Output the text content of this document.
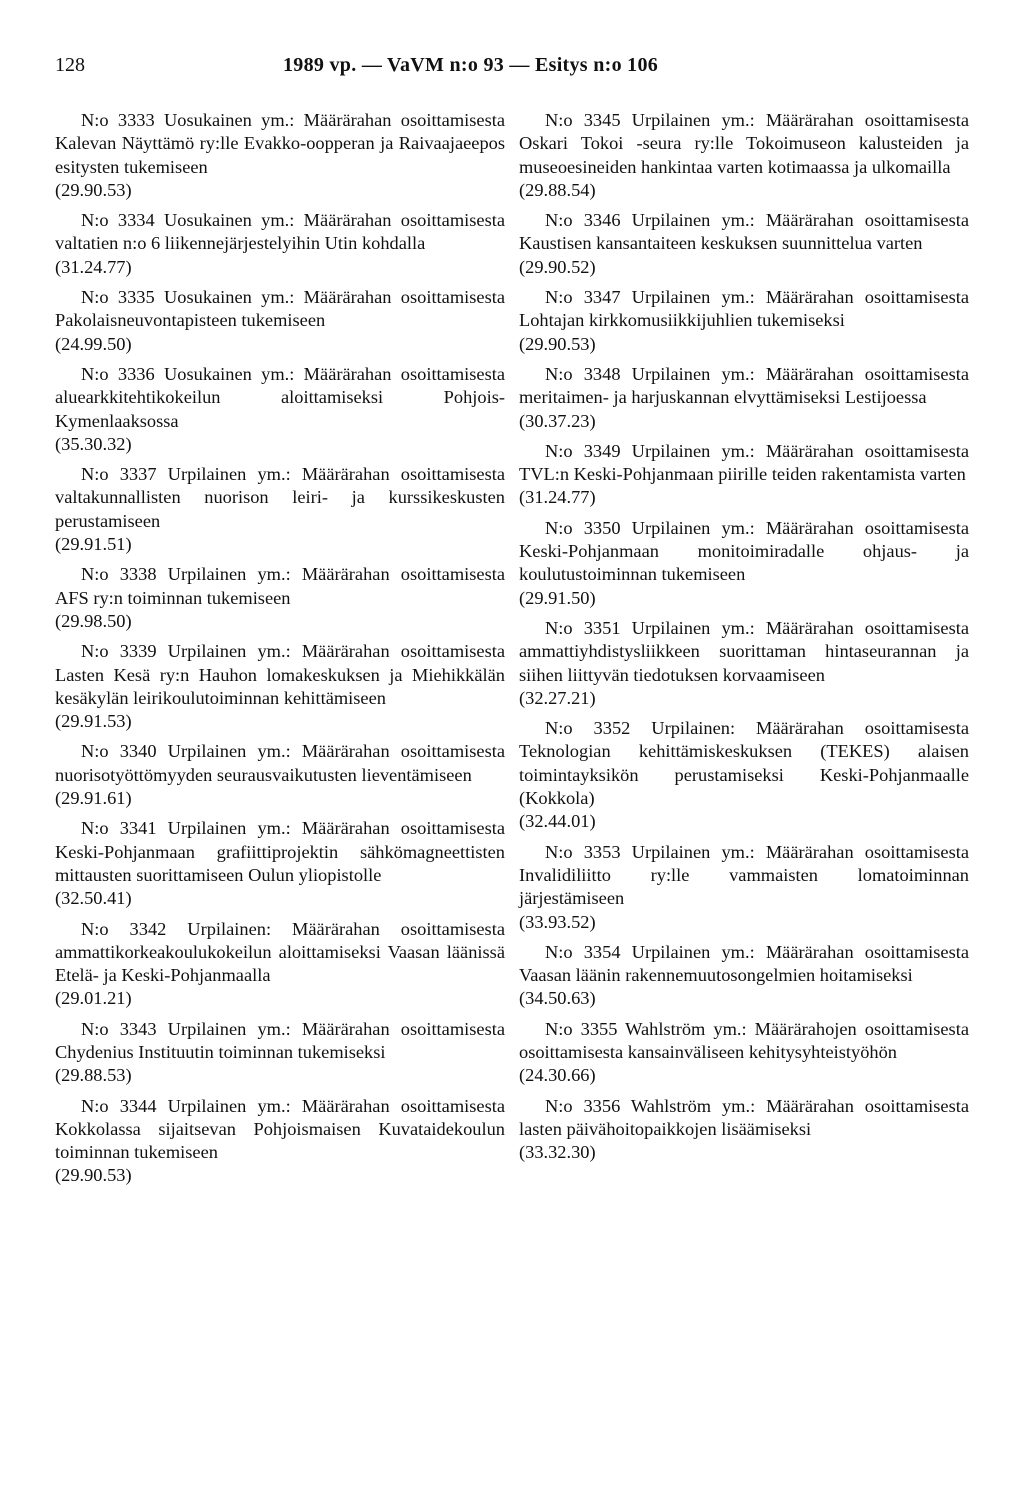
128	1989 vp. — VaVM n:o 93 — Esitys n:o 106
N:o 3333 Uosukainen ym.: Määrärahan osoittamisesta Kalevan Näyttämö ry:lle Evakko-oopperan ja Raivaajaeepos esitysten tukemiseen
(29.90.53)
N:o 3334 Uosukainen ym.: Määrärahan osoittamisesta valtatien n:o 6 liikennejärjestelyihin Utin kohdalla
(31.24.77)
N:o 3335 Uosukainen ym.: Määrärahan osoittamisesta Pakolaisneuvontapisteen tukemiseen
(24.99.50)
N:o 3336 Uosukainen ym.: Määrärahan osoittamisesta aluearkkitehtikokeilun aloittamiseksi Pohjois-Kymenlaaksossa
(35.30.32)
N:o 3337 Urpilainen ym.: Määrärahan osoittamisesta valtakunnallisten nuorison leiri- ja kurssikeskusten perustamiseen
(29.91.51)
N:o 3338 Urpilainen ym.: Määrärahan osoittamisesta AFS ry:n toiminnan tukemiseen
(29.98.50)
N:o 3339 Urpilainen ym.: Määrärahan osoittamisesta Lasten Kesä ry:n Hauhon lomakeskuksen ja Miehikkälän kesäkylän leirikoulutoiminnan kehittämiseen
(29.91.53)
N:o 3340 Urpilainen ym.: Määrärahan osoittamisesta nuorisotyöttömyyden seurausvaikutusten lieventämiseen
(29.91.61)
N:o 3341 Urpilainen ym.: Määrärahan osoittamisesta Keski-Pohjanmaan grafiittiprojektin sähkömagneettisten mittausten suorittamiseen Oulun yliopistolle
(32.50.41)
N:o 3342 Urpilainen: Määrärahan osoittamisesta ammattikorkeakoulukokeilun aloittamiseksi Vaasan läänissä Etelä- ja Keski-Pohjanmaalla
(29.01.21)
N:o 3343 Urpilainen ym.: Määrärahan osoittamisesta Chydenius Instituutin toiminnan tukemiseksi
(29.88.53)
N:o 3344 Urpilainen ym.: Määrärahan osoittamisesta Kokkolassa sijaitsevan Pohjoismaisen Kuvataidekoulun toiminnan tukemiseen
(29.90.53)
N:o 3345 Urpilainen ym.: Määrärahan osoittamisesta Oskari Tokoi -seura ry:lle Tokoimuseon kalusteiden ja museoesineiden hankintaa varten kotimaassa ja ulkomailla
(29.88.54)
N:o 3346 Urpilainen ym.: Määrärahan osoittamisesta Kaustisen kansantaiteen keskuksen suunnittelua varten
(29.90.52)
N:o 3347 Urpilainen ym.: Määrärahan osoittamisesta Lohtajan kirkkomusiikkijuhlien tukemiseksi
(29.90.53)
N:o 3348 Urpilainen ym.: Määrärahan osoittamisesta meritaimen- ja harjuskannan elvyttämiseksi Lestijoessa
(30.37.23)
N:o 3349 Urpilainen ym.: Määrärahan osoittamisesta TVL:n Keski-Pohjanmaan piirille teiden rakentamista varten
(31.24.77)
N:o 3350 Urpilainen ym.: Määrärahan osoittamisesta Keski-Pohjanmaan monitoimiradalle ohjaus- ja koulutustoiminnan tukemiseen
(29.91.50)
N:o 3351 Urpilainen ym.: Määrärahan osoittamisesta ammattiyhdistysliikkeen suorittaman hintaseurannan ja siihen liittyvän tiedotuksen korvaamiseen
(32.27.21)
N:o 3352 Urpilainen: Määrärahan osoittamisesta Teknologian kehittämiskeskuksen (TEKES) alaisen toimintayksikön perustamiseksi Keski-Pohjanmaalle (Kokkola)
(32.44.01)
N:o 3353 Urpilainen ym.: Määrärahan osoittamisesta Invalidiliitto ry:lle vammaisten lomatoiminnan järjestämiseen
(33.93.52)
N:o 3354 Urpilainen ym.: Määrärahan osoittamisesta Vaasan läänin rakennemuutosongelmien hoitamiseksi
(34.50.63)
N:o 3355 Wahlström ym.: Määrärahojen osoittamisesta osoittamisesta kansainväliseen kehitysyhteistyöhön
(24.30.66)
N:o 3356 Wahlström ym.: Määrärahan osoittamisesta lasten päivähoitopaikkojen lisäämiseksi
(33.32.30)
